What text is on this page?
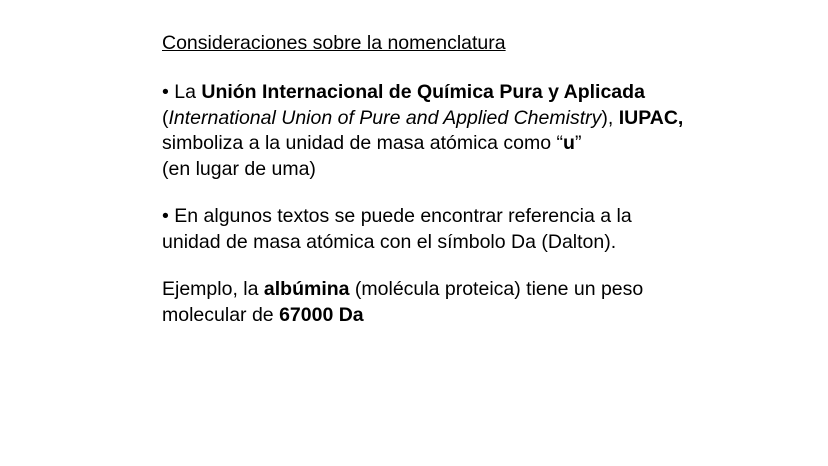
Consideraciones sobre la nomenclatura
• La Unión Internacional de Química Pura y Aplicada
(International Union of Pure and Applied Chemistry), IUPAC,
simboliza a la unidad de masa atómica como “u”
(en lugar de uma)
• En algunos textos se puede encontrar referencia a la
unidad de masa atómica con el símbolo Da (Dalton).
Ejemplo, la albúmina (molécula proteica) tiene un peso
molecular de 67000 Da
